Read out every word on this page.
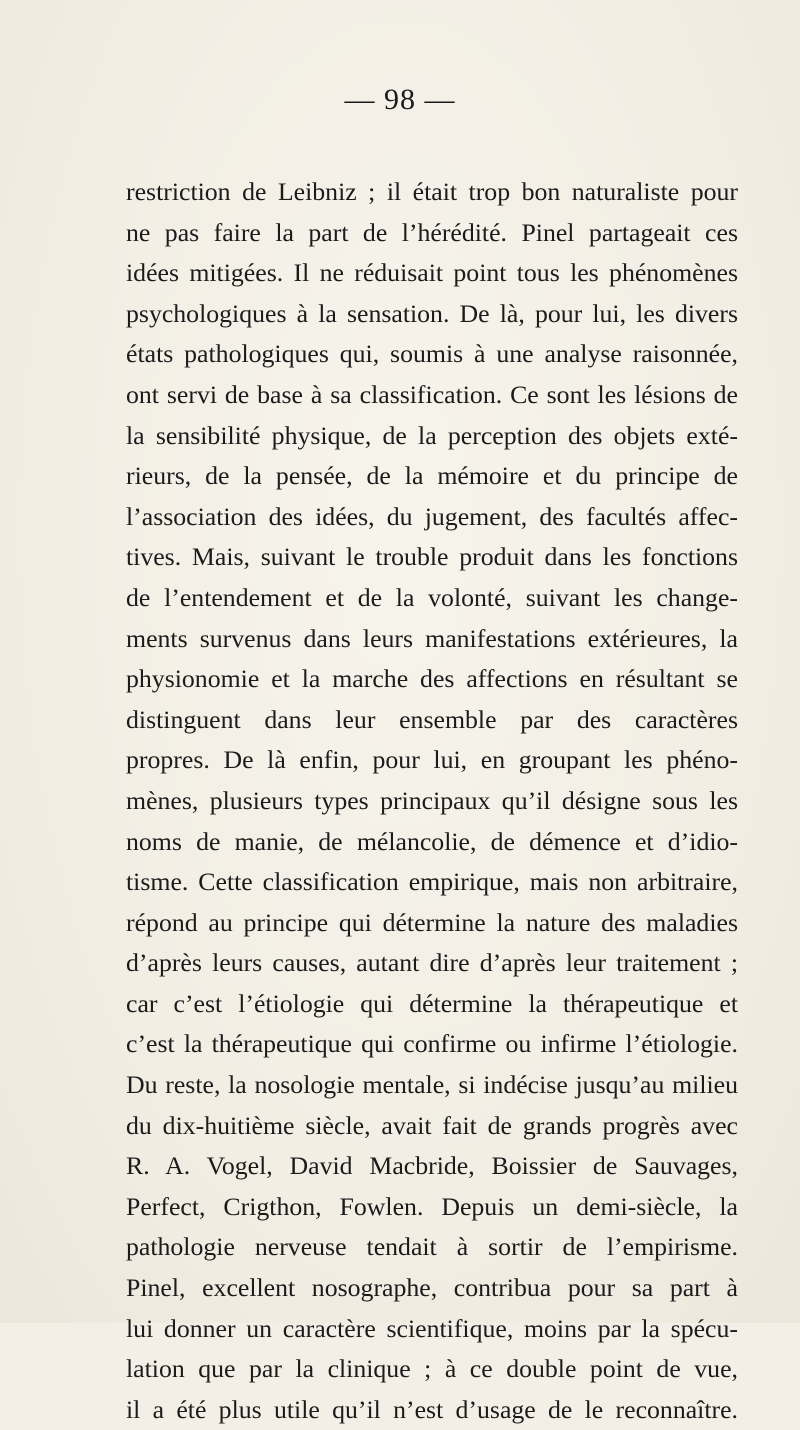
— 98 —
restriction de Leibniz ; il était trop bon naturaliste pour
ne pas faire la part de l’hérédité. Pinel partageait ces
idées mitigées. Il ne réduisait point tous les phénomènes
psychologiques à la sensation. De là, pour lui, les divers
états pathologiques qui, soumis à une analyse raisonnée,
ont servi de base à sa classification. Ce sont les lésions de
la sensibilité physique, de la perception des objets exté-
rieurs, de la pensée, de la mémoire et du principe de
l’association des idées, du jugement, des facultés affec-
tives. Mais, suivant le trouble produit dans les fonctions
de l’entendement et de la volonté, suivant les change-
ments survenus dans leurs manifestations extérieures, la
physionomie et la marche des affections en résultant se
distinguent dans leur ensemble par des caractères
propres. De là enfin, pour lui, en groupant les phéno-
mènes, plusieurs types principaux qu’il désigne sous les
noms de manie, de mélancolie, de démence et d’idio-
tisme. Cette classification empirique, mais non arbitraire,
répond au principe qui détermine la nature des maladies
d’après leurs causes, autant dire d’après leur traitement ;
car c’est l’étiologie qui détermine la thérapeutique et
c’est la thérapeutique qui confirme ou infirme l’étiologie.
Du reste, la nosologie mentale, si indécise jusqu’au milieu
du dix-huitième siècle, avait fait de grands progrès avec
R. A. Vogel, David Macbride, Boissier de Sauvages,
Perfect, Crigthon, Fowlen. Depuis un demi-siècle, la
pathologie nerveuse tendait à sortir de l’empirisme.
Pinel, excellent nosographe, contribua pour sa part à
lui donner un caractère scientifique, moins par la spécu-
lation que par la clinique ; à ce double point de vue,
il a été plus utile qu’il n’est d’usage de le reconnaître.
